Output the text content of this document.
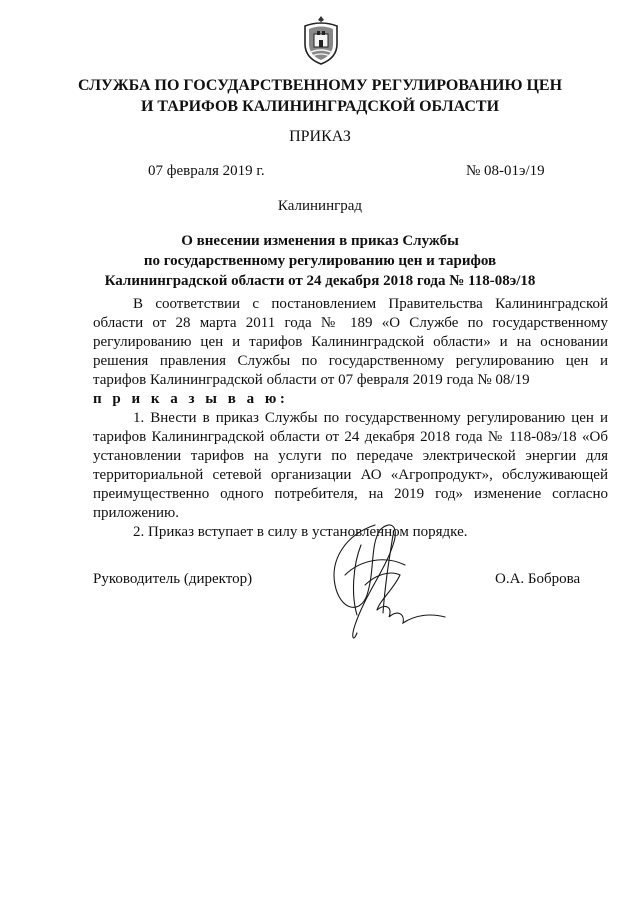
СЛУЖБА ПО ГОСУДАРСТВЕННОМУ РЕГУЛИРОВАНИЮ ЦЕН
И ТАРИФОВ КАЛИНИНГРАДСКОЙ ОБЛАСТИ
ПРИКАЗ
07 февраля 2019 г.	№ 08-01э/19
Калининград
О внесении изменения в приказ Службы
по государственному регулированию цен и тарифов
Калининградской области от 24 декабря 2018 года № 118-08э/18

В соответствии с постановлением Правительства Калининградской области от 28 марта 2011 года № 189 «О Службе по государственному регулированию цен и тарифов Калининградской области» и на основании решения правления Службы по государственному регулированию цен и тарифов Калининградской области от 07 февраля 2019 года № 08/19

п р и к а з ы в а ю:

1. Внести в приказ Службы по государственному регулированию цен и тарифов Калининградской области от 24 декабря 2018 года № 118-08э/18 «Об установлении тарифов на услуги по передаче электрической энергии для территориальной сетевой организации АО «Агропродукт», обслуживающей преимущественно одного потребителя, на 2019 год» изменение согласно приложению.

2. Приказ вступает в силу в установленном порядке.

Руководитель (директор)	О.А. Боброва
